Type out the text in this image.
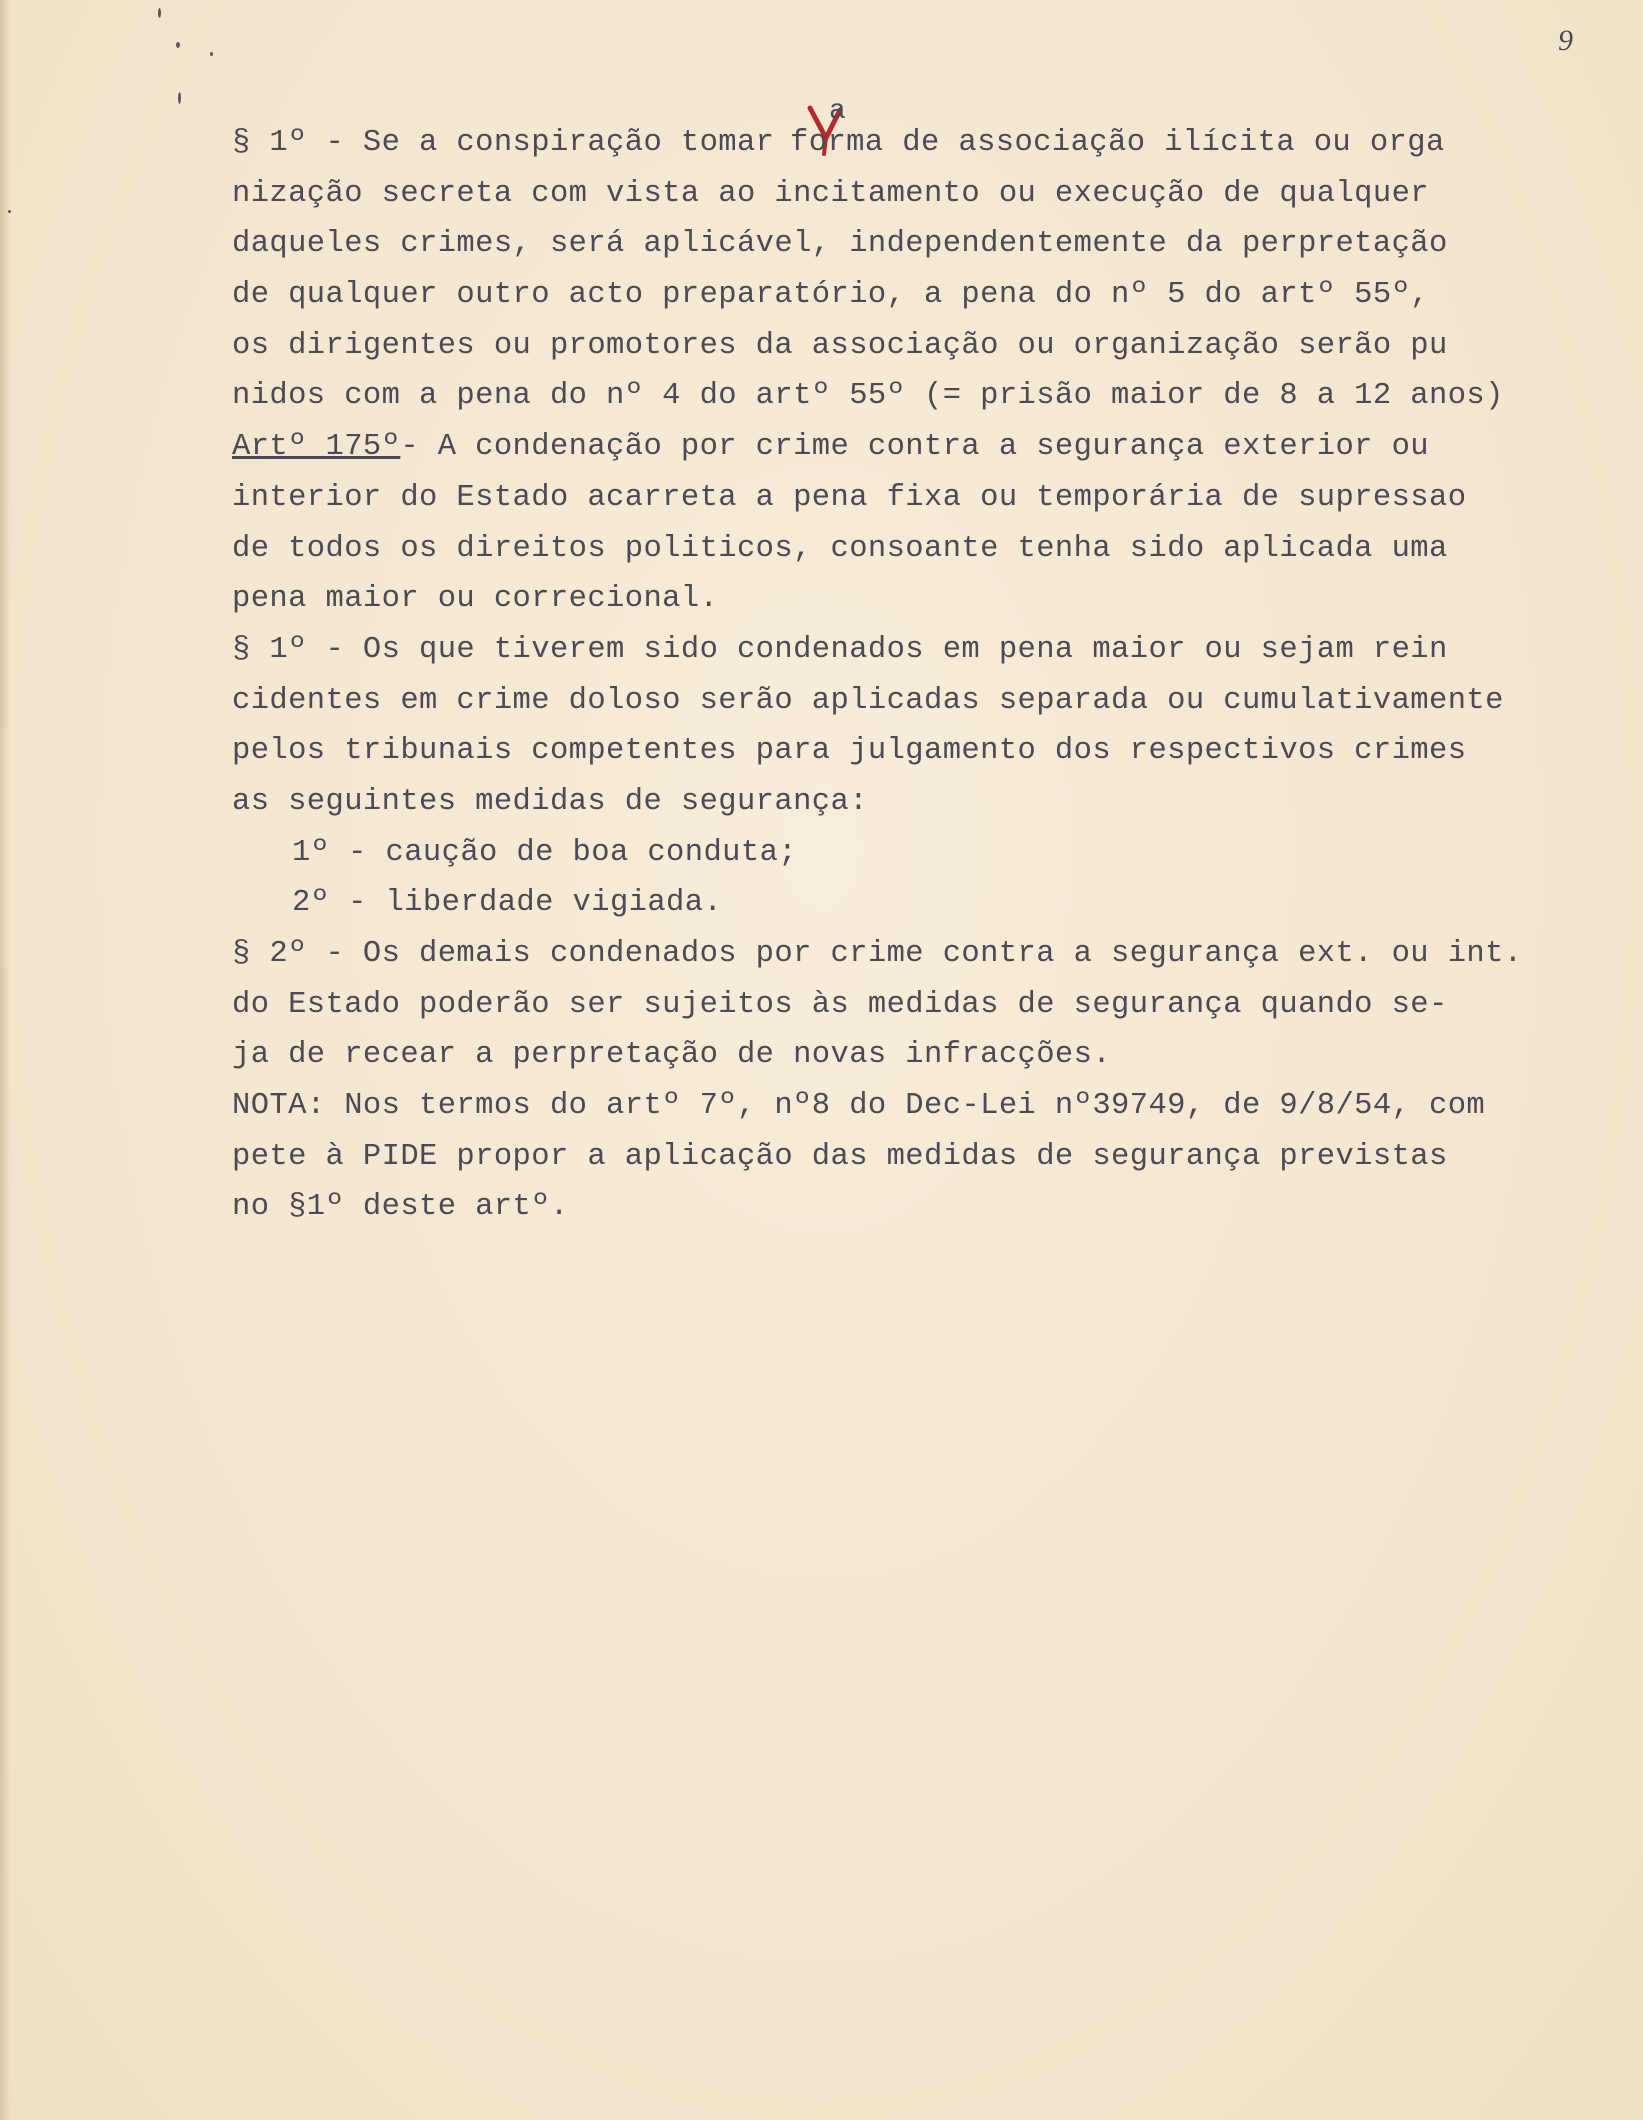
9
a
§ 1º - Se a conspiração tomar  forma de associação ilícita ou orga
nização secreta com vista ao incitamento ou execução de qualquer
daqueles crimes, será aplicável, independentemente da perpretação
de qualquer outro acto preparatório, a pena do nº 5 do artº 55º,
os dirigentes ou promotores da associação ou organização serão pu
nidos com a pena do nº 4 do artº 55º (= prisão maior de 8 a 12 anos)
Artº 175º- A condenação por crime contra a segurança exterior ou
interior do Estado acarreta a pena fixa ou temporária de supressao
de todos os direitos politicos, consoante tenha sido aplicada uma
pena maior ou correcional.
§ 1º - Os que tiverem sido condenados em pena maior ou sejam rein
cidentes em crime doloso serão aplicadas separada ou cumulativamente
pelos tribunais competentes para julgamento dos respectivos crimes
as seguintes medidas de segurança:
1º - caução de boa conduta;
2º - liberdade vigiada.
§ 2º - Os demais condenados por crime contra a segurança ext. ou int.
do Estado poderão ser sujeitos às medidas de segurança quando se-
ja de recear a perpretação de novas infracções.
NOTA: Nos termos do artº 7º, nº8 do Dec-Lei nº39749, de 9/8/54, com
pete à PIDE propor a aplicação das medidas de segurança previstas
no §1º deste artº.
